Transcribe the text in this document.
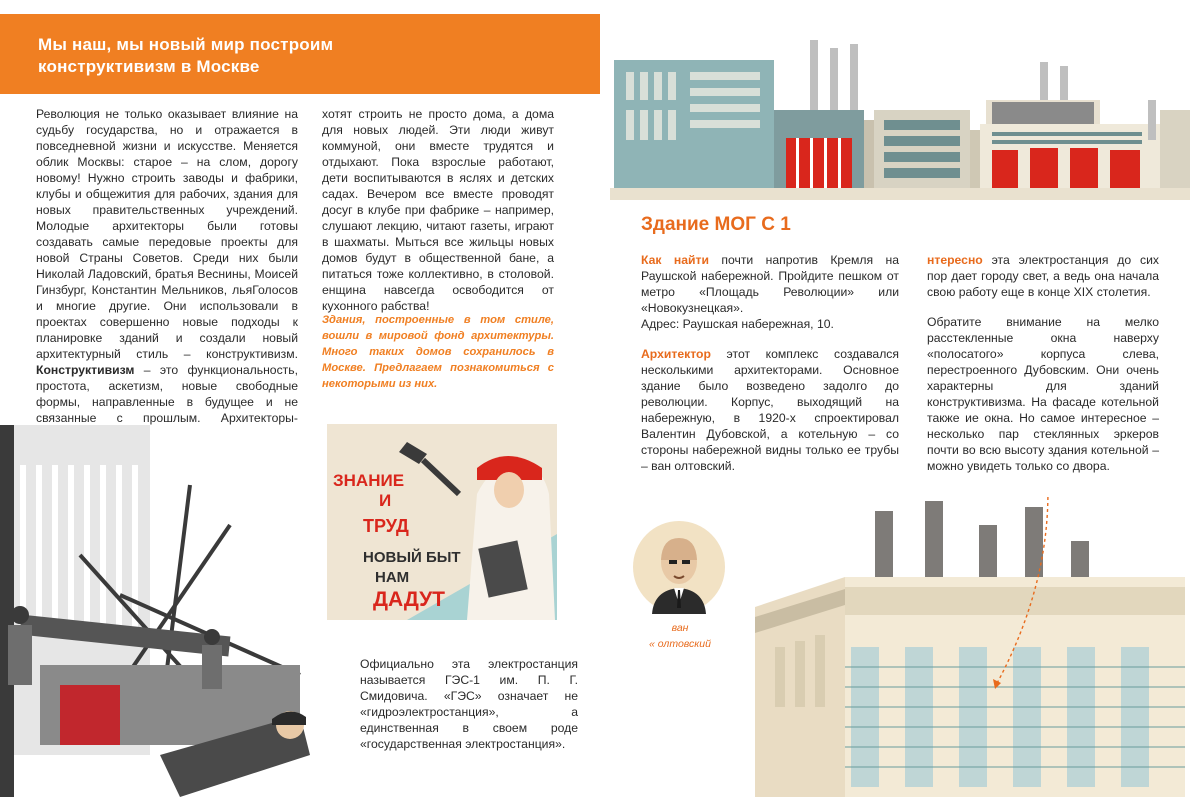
Мы наш, мы новый мир построим
конструктивизм в Москве

Революция не только оказывает влияние на судьбу государства, но и отражается в повседневной жизни и искусстве. Меняется облик Москвы: старое – на слом, дорогу новому! Нужно строить заводы и фабрики, клубы и общежития для рабочих, здания для новых правительственных учреждений. Молодые архитекторы были готовы создавать самые передовые проекты для новой Страны Советов. Среди них были Николай Ладовский, братья Веснины, Моисей Гинзбург, Константин Мельников, льяГолосов и многие другие. Они использовали в проектах совершенно новые подходы к планировке зданий и создали новый архитектурный стиль – конструктивизм. Конструктивизм – это функциональность, простота, аскетизм, новые свободные формы, направленные в будущее и не связанные с прошлым. Архитекторы-

хотят строить не просто дома, а дома для новых людей. Эти люди живут коммуной, они вместе трудятся и отдыхают. Пока взрослые работают, дети воспитываются в яслях и детских садах. Вечером все вместе проводят досуг в клубе при фабрике – например, слушают лекцию, читают газеты, играют в шахматы. Мыться все жильцы новых домов будут в общественной бане, а питаться тоже коллективно, в столовой. енщина навсегда освободится от кухонного рабства!

Здания, построенные в том стиле, вошли в мировой фонд архитектуры. Много таких домов сохранилось в Москве. Предлагаем познакомиться с некоторыми из них.
Здание МОГ С 1

Как найти почти напротив Кремля на Раушской набережной. Пройдите пешком от метро «Площадь Революции» или «Новокузнецкая».

Адрес: Раушская набережная, 10.

Архитектор этот комплекс создавался несколькими архитекторами. Основное здание было возведено задолго до революции. Корпус, выходящий на набережную, в 1920-х спроектировал Валентин Дубовской, а котельную – со стороны набережной видны только ее трубы – ван олтовский.

нтересно эта электростанция до сих пор дает городу свет, а ведь она начала свою работу еще в конце XIX столетия.

Обратите внимание на мелко расстекленные окна наверху «полосатого» корпуса слева, перестроенного Дубовским. Они очень характерны для зданий конструктивизма. На фасаде котельной также ие окна. Но самое интересное – несколько пар стеклянных эркеров почти во всю высоту здания котельной – можно увидеть только со двора.

ван
« олтовский
ЗНАНИЕ
И
ТРУД
НОВЫЙ БЫТ
НАМ
ДАДУТ
Официально эта электростанция называется ГЭС-1 им. П. Г. Смидовича. «ГЭС» означает не «гидроэлектростанция», а единственная в своем роде «государственная электростанция».
